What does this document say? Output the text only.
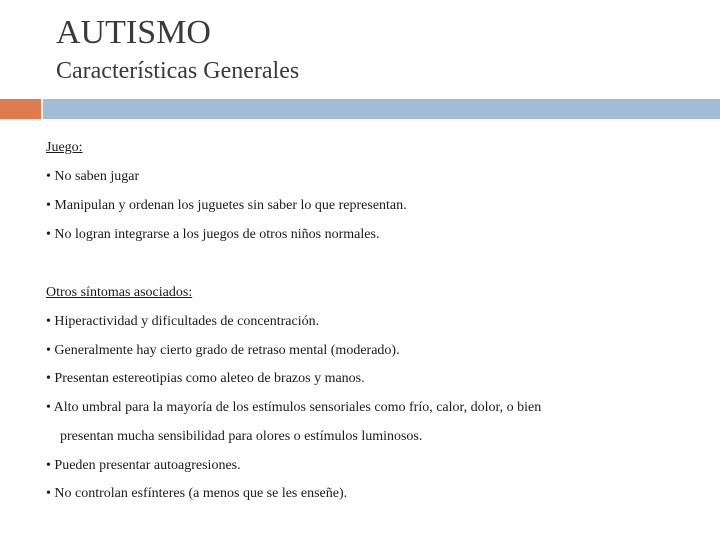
AUTISMO
Características Generales
Juego:
• No saben jugar
• Manipulan y ordenan los juguetes sin saber lo que representan.
• No logran integrarse a los juegos de otros niños normales.
Otros síntomas asociados:
• Hiperactividad y dificultades de concentración.
• Generalmente hay cierto grado de retraso mental (moderado).
• Presentan estereotipias como aleteo de brazos y manos.
• Alto umbral para la mayoría de los estímulos sensoriales como frío, calor, dolor, o bien
presentan mucha sensibilidad para olores o estímulos luminosos.
• Pueden presentar autoagresiones.
• No controlan esfínteres (a menos que se les enseñe).
